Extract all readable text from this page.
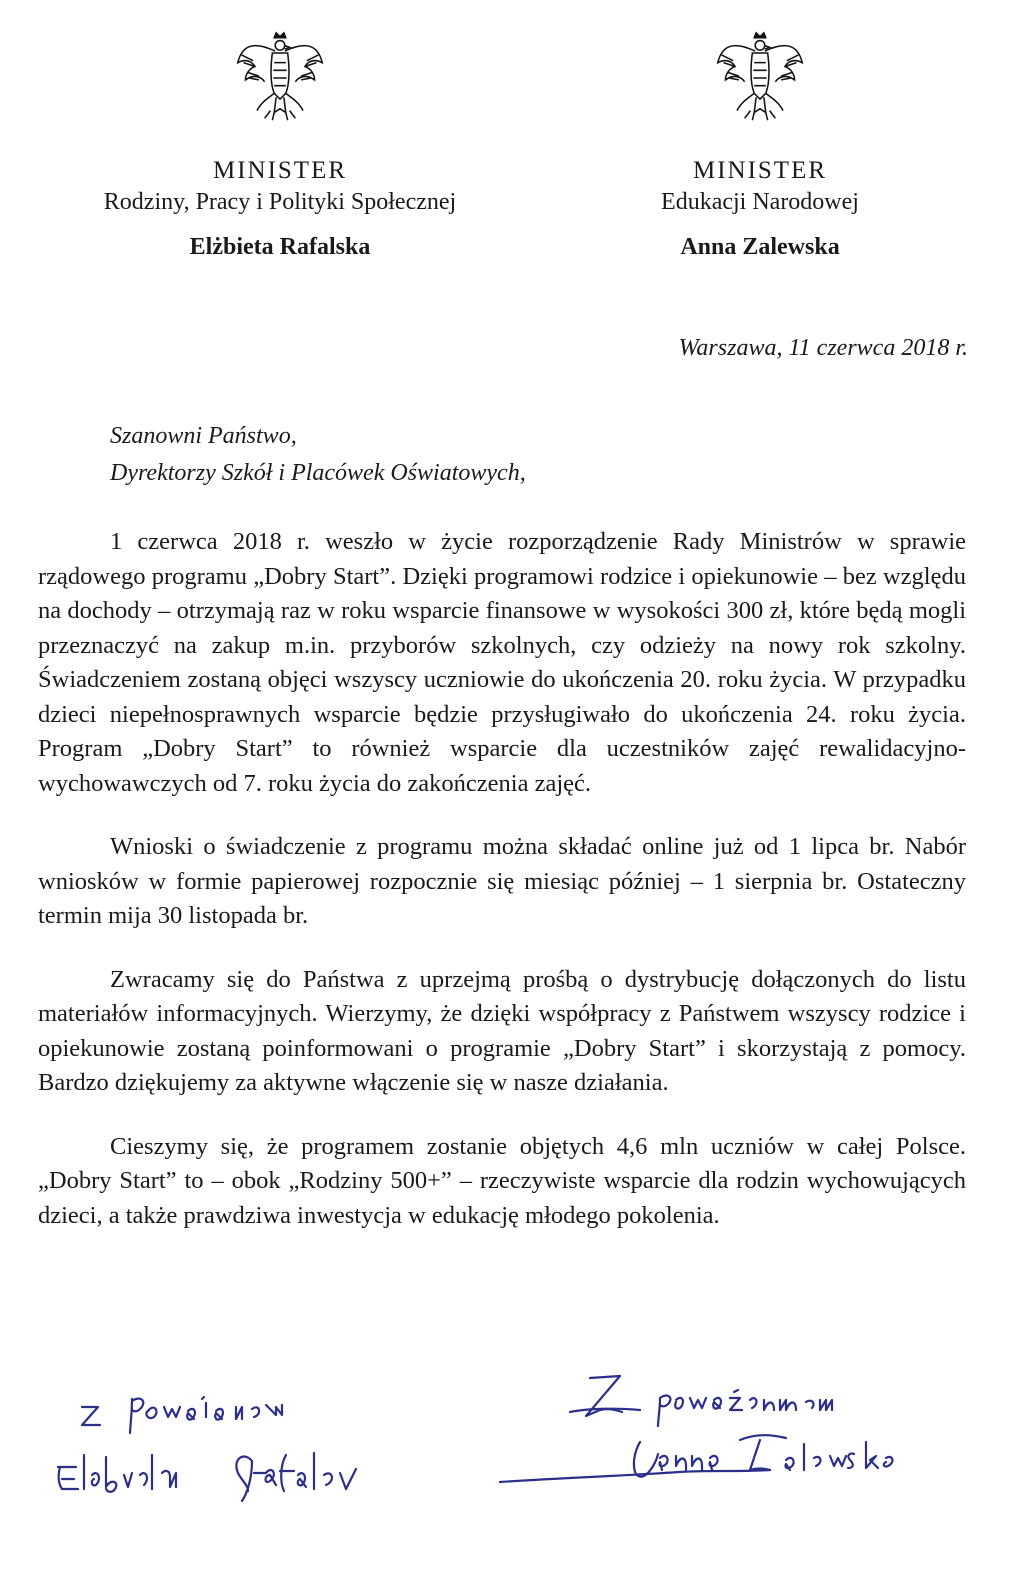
MINISTER
Rodziny, Pracy i Polityki Społecznej
Elżbieta Rafalska
MINISTER
Edukacji Narodowej
Anna Zalewska
Warszawa, 11 czerwca 2018 r.
Szanowni Państwo,
Dyrektorzy Szkół i Placówek Oświatowych,

1 czerwca 2018 r. weszło w życie rozporządzenie Rady Ministrów w sprawie rządowego programu „Dobry Start”. Dzięki programowi rodzice i opiekunowie – bez względu na dochody – otrzymają raz w roku wsparcie finansowe w wysokości 300 zł, które będą mogli przeznaczyć na zakup m.in. przyborów szkolnych, czy odzieży na nowy rok szkolny. Świadczeniem zostaną objęci wszyscy uczniowie do ukończenia 20. roku życia. W przypadku dzieci niepełnosprawnych wsparcie będzie przysługiwało do ukończenia 24. roku życia. Program „Dobry Start” to również wsparcie dla uczestników zajęć rewalidacyjno-wychowawczych od 7. roku życia do zakończenia zajęć.

Wnioski o świadczenie z programu można składać online już od 1 lipca br. Nabór wniosków w formie papierowej rozpocznie się miesiąc później – 1 sierpnia br. Ostateczny termin mija 30 listopada br.

Zwracamy się do Państwa z uprzejmą prośbą o dystrybucję dołączonych do listu materiałów informacyjnych. Wierzymy, że dzięki współpracy z Państwem wszyscy rodzice i opiekunowie zostaną poinformowani o programie „Dobry Start” i skorzystają z pomocy. Bardzo dziękujemy za aktywne włączenie się w nasze działania.

Cieszymy się, że programem zostanie objętych 4,6 mln uczniów w całej Polsce. „Dobry Start” to – obok „Rodziny 500+” – rzeczywiste wsparcie dla rodzin wychowujących dzieci, a także prawdziwa inwestycja w edukację młodego pokolenia.
